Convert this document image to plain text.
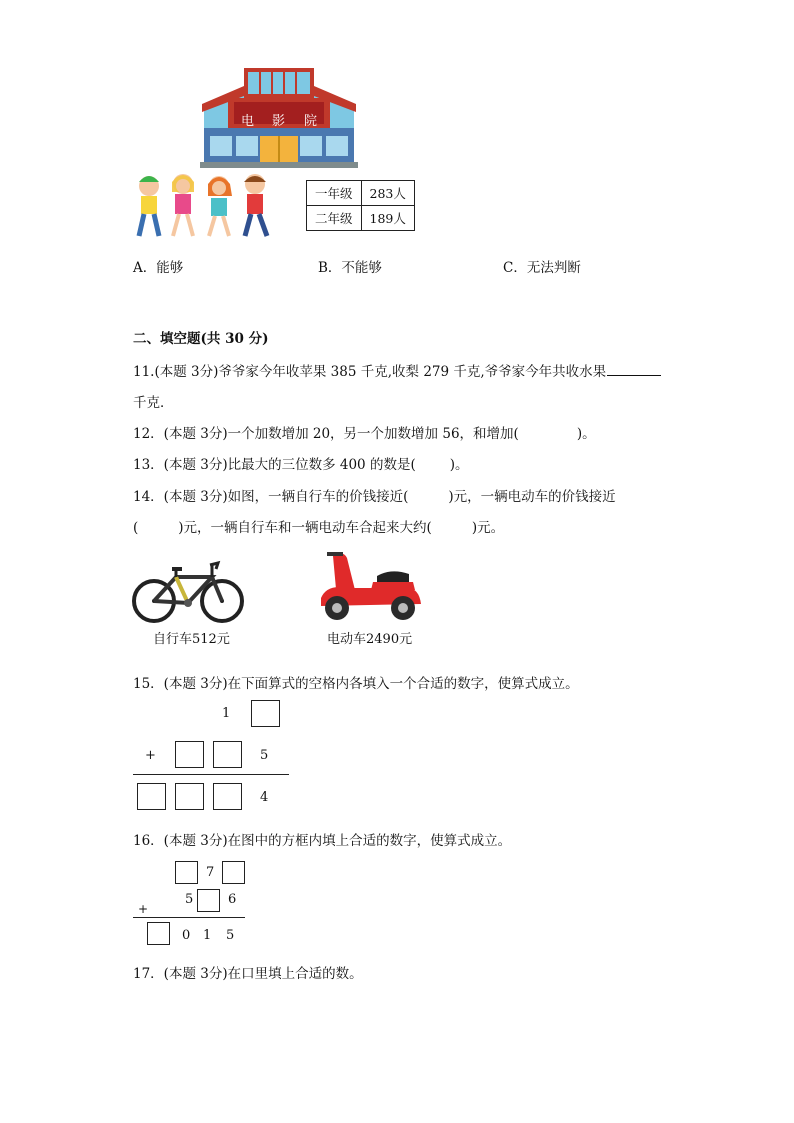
电 影 院
一年级	283人
二年级	189人
A．能够	B．不能够	C．无法判断
二、填空题(共 30 分)
11.(本题 3分)爷爷家今年收苹果 385 千克,收梨 279 千克,爷爷家今年共收水果
千克．
12．(本题 3分)一个加数增加 20，另一个加数增加 56，和增加(	)。
13．(本题 3分)比最大的三位数多 400 的数是(	)。
14．(本题 3分)如图，一辆自行车的价钱接近(	)元，一辆电动车的价钱接近
(	)元，一辆自行车和一辆电动车合起来大约(	)元。
自行车512元	电动车2490元
15．(本题 3分)在下面算式的空格内各填入一个合适的数字，使算式成立。
1
+	5
4
16．(本题 3分)在图中的方框内填上合适的数字，使算式成立。
7
5	6
+
0 1 5
17．(本题 3分)在口里填上合适的数。
